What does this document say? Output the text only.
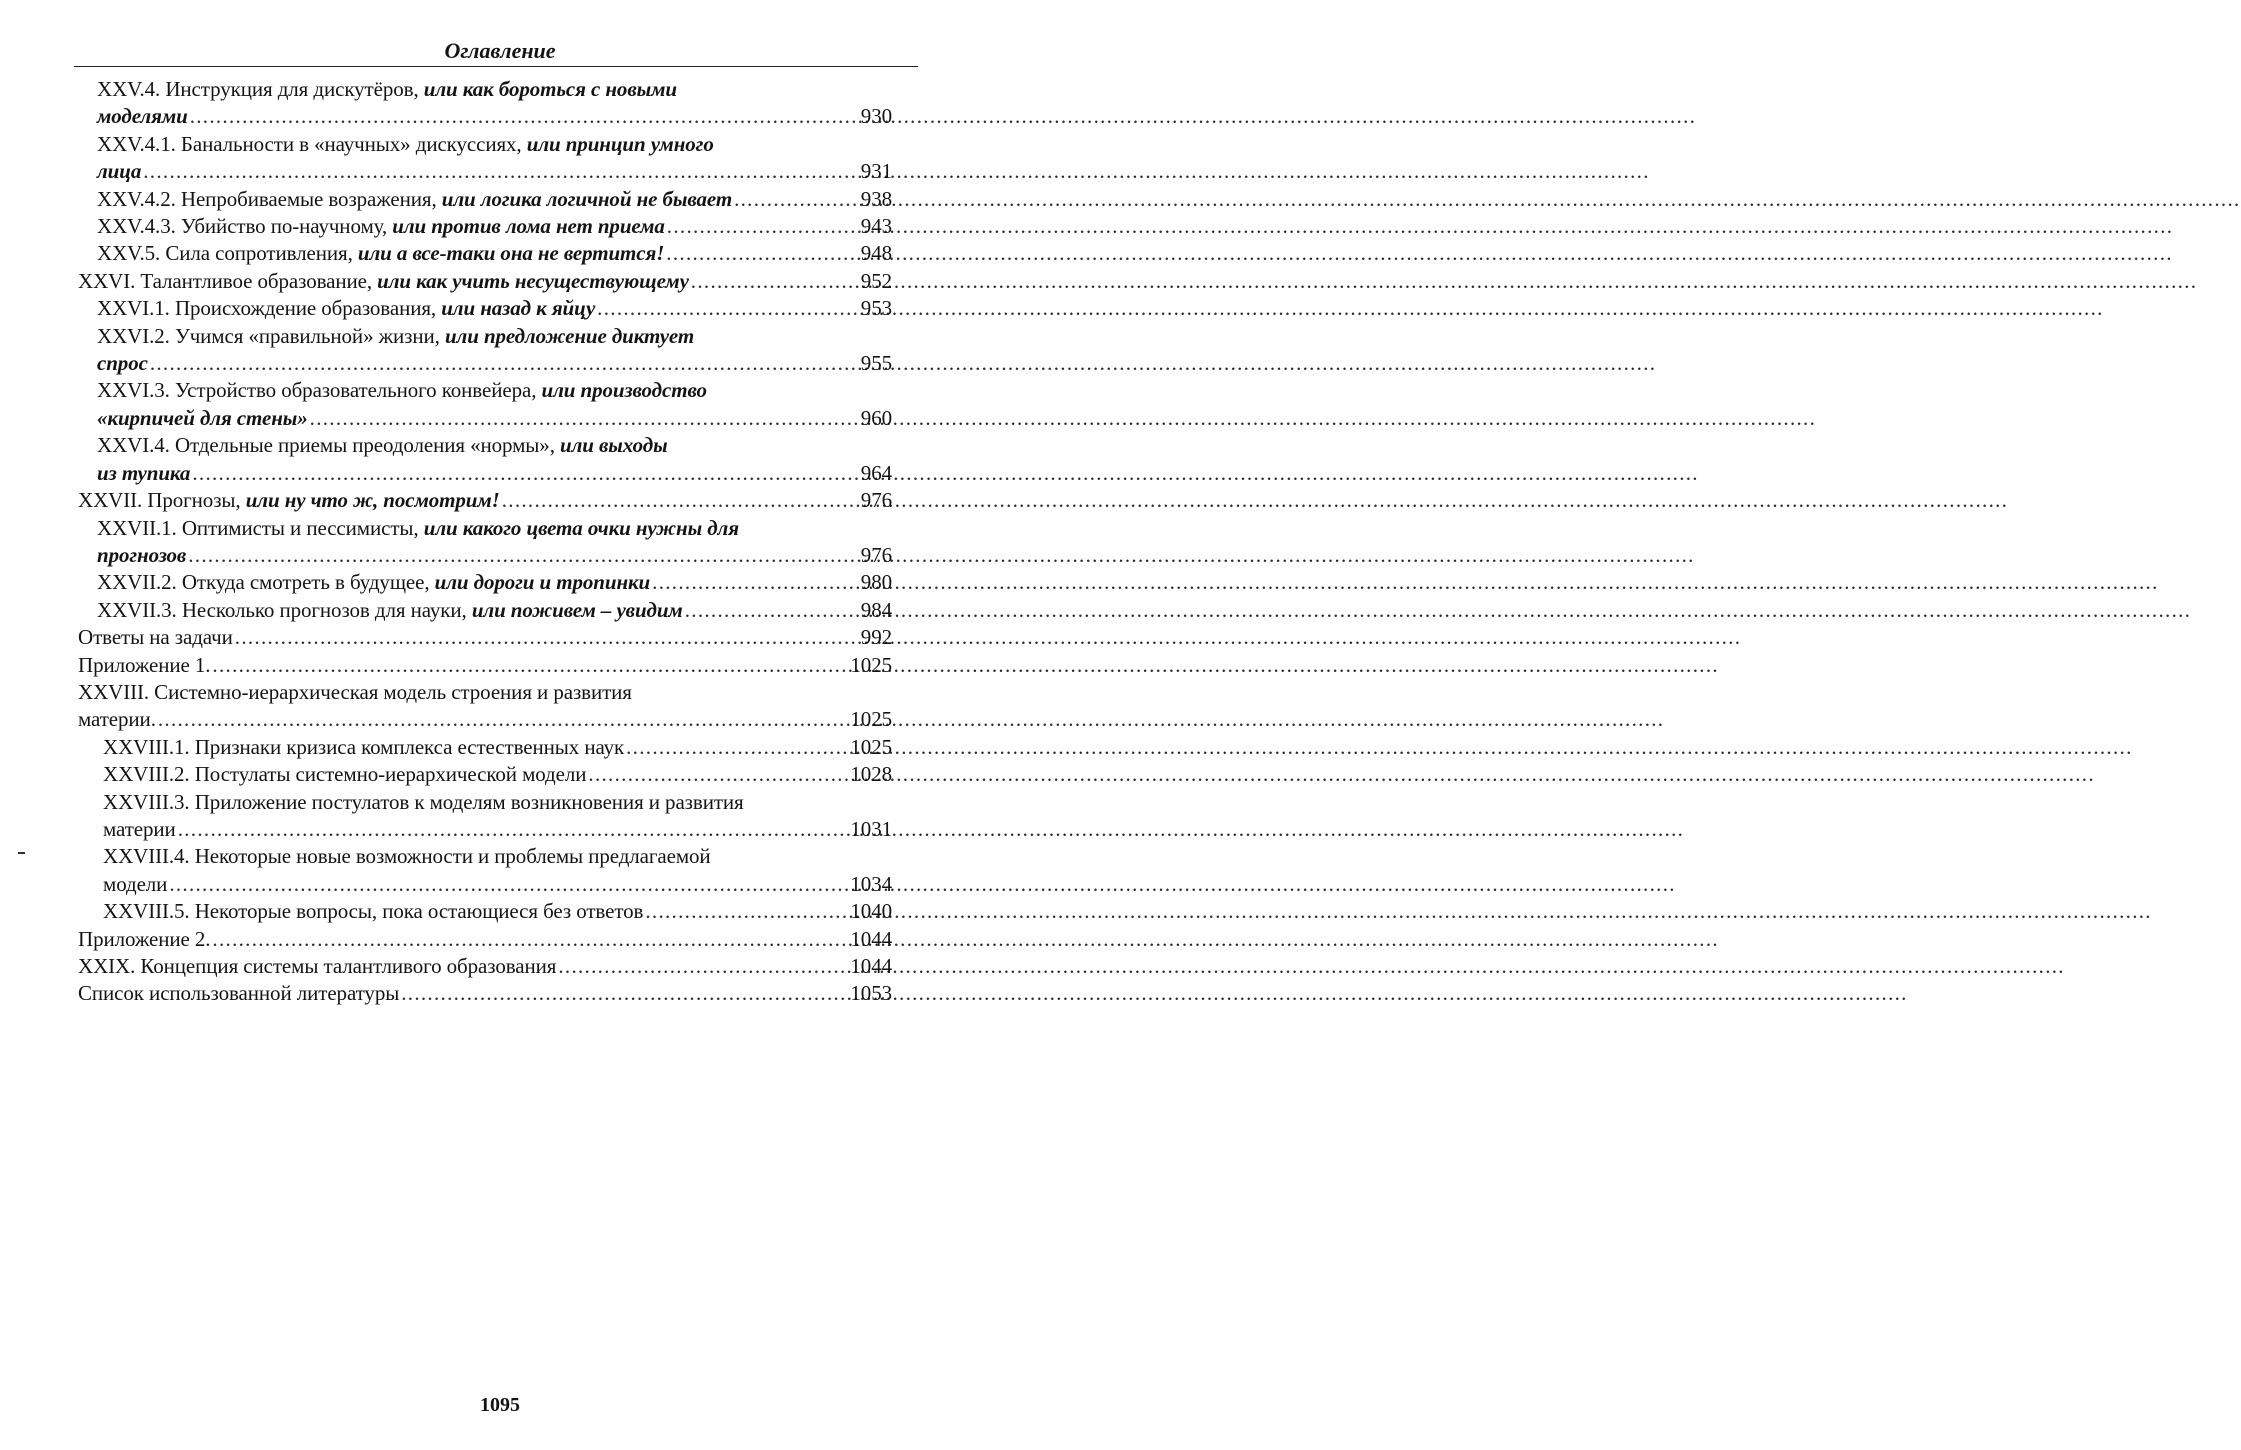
Оглавление
XXV.4. Инструкция для дискутёров, или как бороться с новыми
моделями .....	930
XXV.4.1. Банальности в «научных» дискуссиях, или принцип умного
лица .....	931
XXV.4.2. Непробиваемые возражения, или логика логичной не бывает .....	938
XXV.4.3. Убийство по-научному, или против лома нет приема .....	943
XXV.5. Сила сопротивления, или а все-таки она не вертится! .....	948
XXVI. Талантливое образование, или как учить несуществующему .....	952
XXVI.1. Происхождение образования, или назад к яйцу .....	953
XXVI.2. Учимся «правильной» жизни, или предложение диктует
спрос .....	955
XXVI.3. Устройство образовательного конвейера, или производство
«кирпичей для стены» .....	960
XXVI.4. Отдельные приемы преодоления «нормы», или выходы
из тупика .....	964
XXVII. Прогнозы, или ну что ж, посмотрим! .....	976
XXVII.1. Оптимисты и пессимисты, или какого цвета очки нужны для
прогнозов .....	976
XXVII.2. Откуда смотреть в будущее, или дороги и тропинки .....	980
XXVII.3. Несколько прогнозов для науки, или поживем – увидим .....	984
Ответы на задачи .....	992
Приложение 1. .....	1025
XXVIII. Системно-иерархическая модель строения и развития
материи. .....	1025
XXVIII.1. Признаки кризиса комплекса естественных наук .....	1025
XXVIII.2. Постулаты системно-иерархической модели .....	1028
XXVIII.3. Приложение постулатов к моделям возникновения и развития
материи .....	1031
XXVIII.4. Некоторые новые возможности и проблемы предлагаемой
модели .....	1034
XXVIII.5. Некоторые вопросы, пока остающиеся без ответов .....	1040
Приложение 2. .....	1044
XXIX. Концепция системы талантливого образования .....	1044
Список использованной литературы .....	1053
1095
